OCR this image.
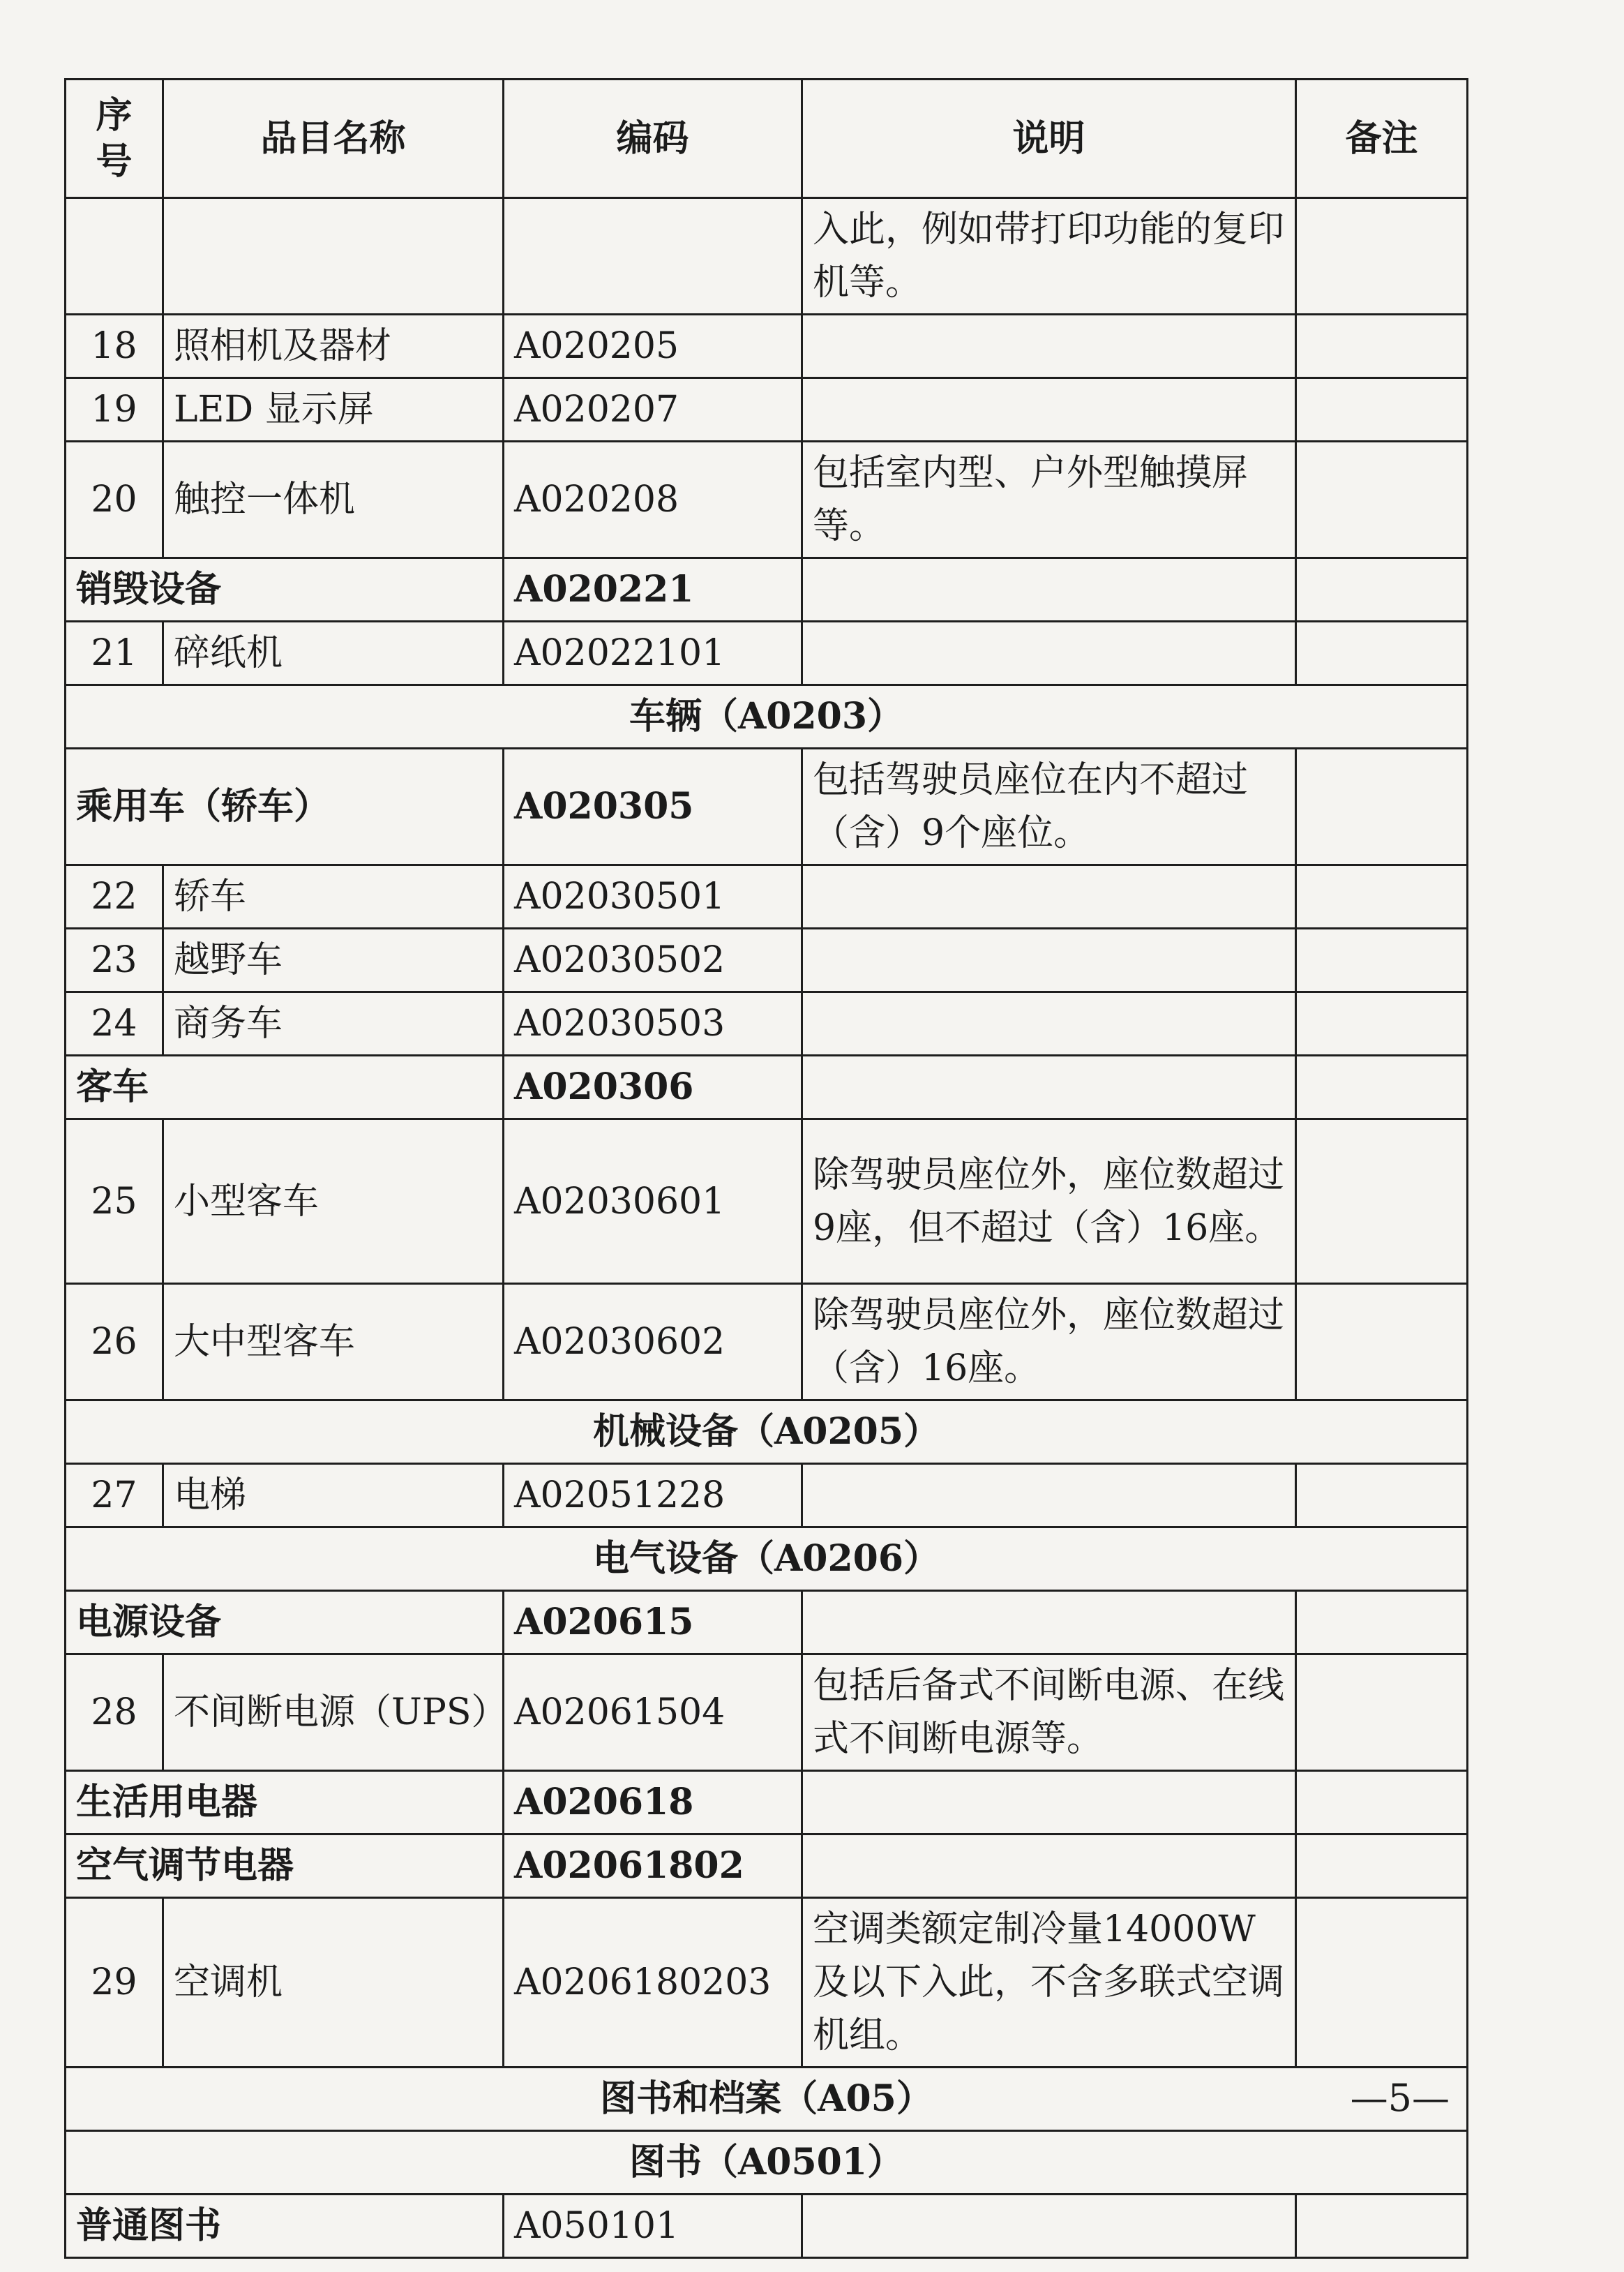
序
号	品目名称	编码	说明	备注
			入此，例如带打印功能的复印机等。	
18	照相机及器材	A020205		
19	LED 显示屏	A020207		
20	触控一体机	A020208	包括室内型、户外型触摸屏等。	
销毁设备		A020221		
21	碎纸机	A02022101		
车辆（A0203）				
乘用车（轿车）		A020305	包括驾驶员座位在内不超过（含）9个座位。	
22	轿车	A02030501		
23	越野车	A02030502		
24	商务车	A02030503		
客车		A020306		
25	小型客车	A02030601	除驾驶员座位外，座位数超过9座，但不超过（含）16座。	
26	大中型客车	A02030602	除驾驶员座位外，座位数超过（含）16座。	
机械设备（A0205）				
27	电梯	A02051228		
电气设备（A0206）				
电源设备		A020615		
28	不间断电源（UPS）	A02061504	包括后备式不间断电源、在线式不间断电源等。	
生活用电器		A020618		
空气调节电器		A02061802		
29	空调机	A0206180203	空调类额定制冷量14000W及以下入此，不含多联式空调机组。	
图书和档案（A05）				
图书（A0501）				
普通图书		A050101		
—5—
